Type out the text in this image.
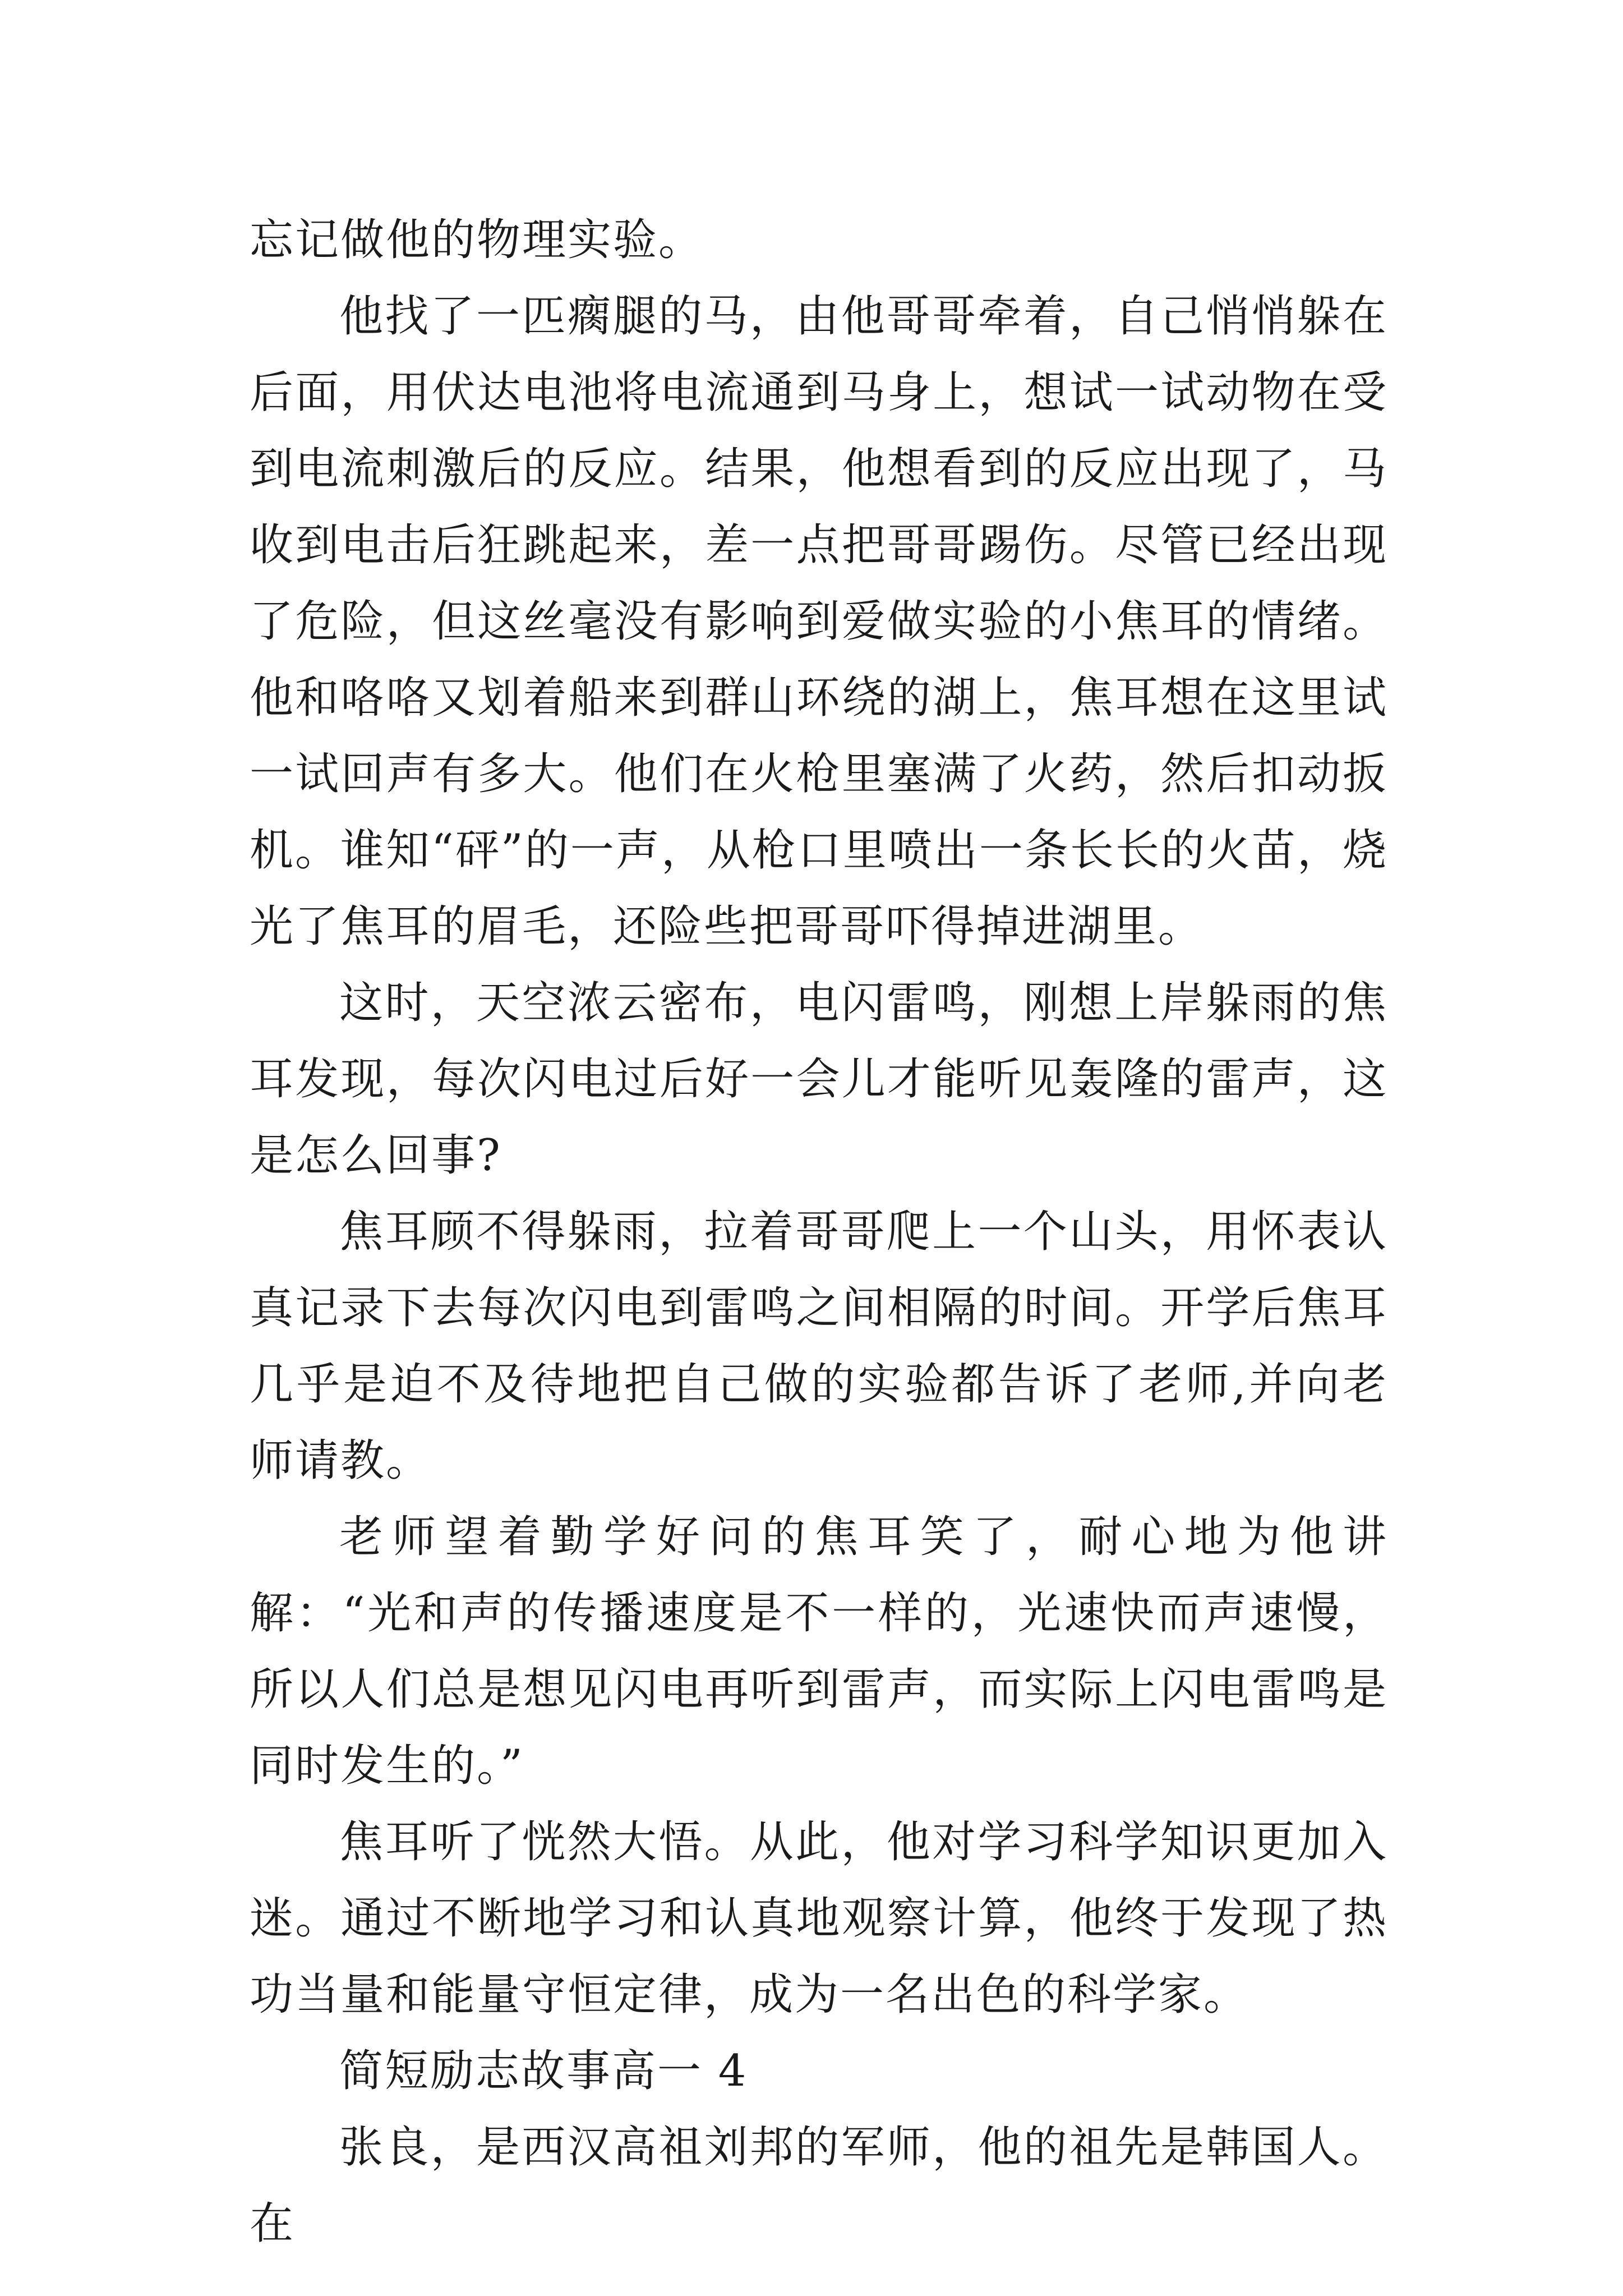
忘记做他的物理实验。

他找了一匹瘸腿的马，由他哥哥牵着，自己悄悄躲在后面，用伏达电池将电流通到马身上，想试一试动物在受到电流刺激后的反应。结果，他想看到的反应出现了，马收到电击后狂跳起来，差一点把哥哥踢伤。尽管已经出现了危险，但这丝毫没有影响到爱做实验的小焦耳的情绪。他和咯咯又划着船来到群山环绕的湖上，焦耳想在这里试一试回声有多大。他们在火枪里塞满了火药，然后扣动扳机。谁知“砰”的一声，从枪口里喷出一条长长的火苗，烧光了焦耳的眉毛，还险些把哥哥吓得掉进湖里。

这时，天空浓云密布，电闪雷鸣，刚想上岸躲雨的焦耳发现，每次闪电过后好一会儿才能听见轰隆的雷声，这是怎么回事?

焦耳顾不得躲雨，拉着哥哥爬上一个山头，用怀表认真记录下去每次闪电到雷鸣之间相隔的时间。开学后焦耳几乎是迫不及待地把自己做的实验都告诉了老师,并向老师请教。

老师望着勤学好问的焦耳笑了，耐心地为他讲解：“光和声的传播速度是不一样的，光速快而声速慢，所以人们总是想见闪电再听到雷声，而实际上闪电雷鸣是同时发生的。”

焦耳听了恍然大悟。从此，他对学习科学知识更加入迷。通过不断地学习和认真地观察计算，他终于发现了热功当量和能量守恒定律，成为一名出色的科学家。

简短励志故事高一 4

张良，是西汉高祖刘邦的军师，他的祖先是韩国人。在
